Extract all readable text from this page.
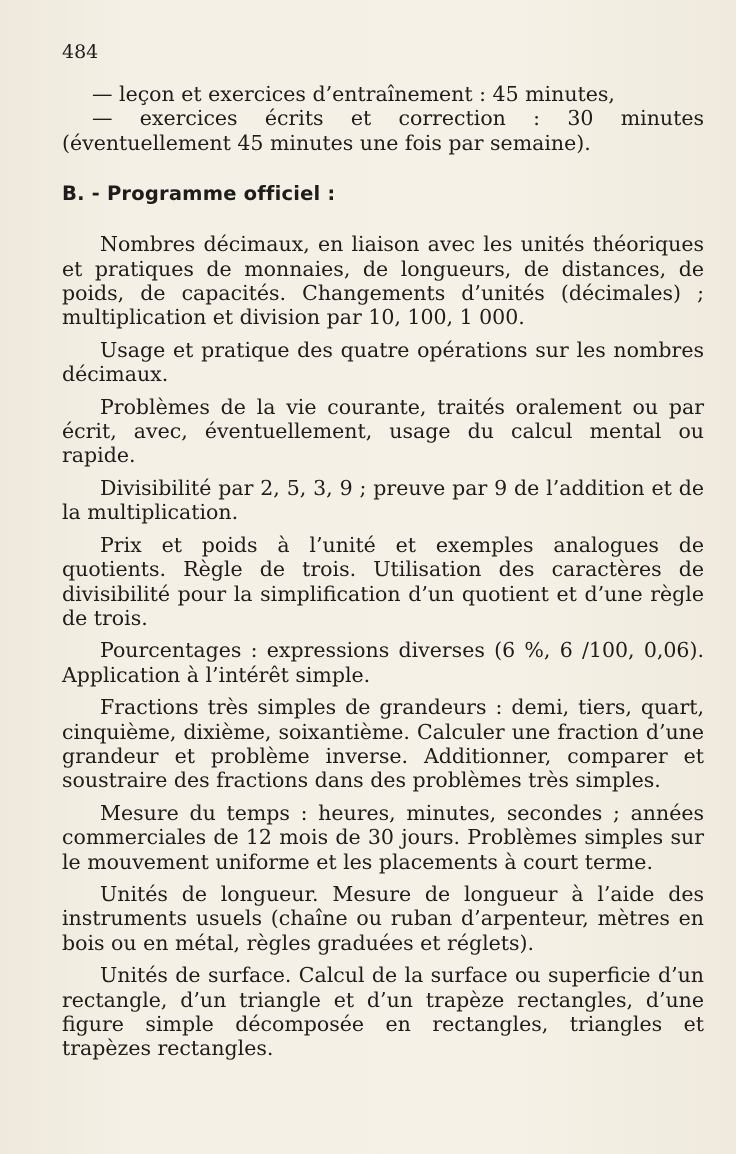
484

— leçon et exercices d’entraînement : 45 minutes,

— exercices écrits et correction : 30 minutes (éventuellement 45 minutes une fois par semaine).

B. - Programme officiel :

Nombres décimaux, en liaison avec les unités théoriques et pratiques de monnaies, de longueurs, de distances, de poids, de capacités. Changements d’unités (décimales) ; multiplication et division par 10, 100, 1 000.

Usage et pratique des quatre opérations sur les nombres décimaux.

Problèmes de la vie courante, traités oralement ou par écrit, avec, éventuellement, usage du calcul mental ou rapide.

Divisibilité par 2, 5, 3, 9 ; preuve par 9 de l’addition et de la multiplication.

Prix et poids à l’unité et exemples analogues de quotients. Règle de trois. Utilisation des caractères de divisibilité pour la simplification d’un quotient et d’une règle de trois.

Pourcentages : expressions diverses (6 %, 6 /100, 0,06). Application à l’intérêt simple.

Fractions très simples de grandeurs : demi, tiers, quart, cinquième, dixième, soixantième. Calculer une fraction d’une grandeur et problème inverse. Additionner, comparer et soustraire des fractions dans des problèmes très simples.

Mesure du temps : heures, minutes, secondes ; années commerciales de 12 mois de 30 jours. Problèmes simples sur le mouvement uniforme et les placements à court terme.

Unités de longueur. Mesure de longueur à l’aide des instruments usuels (chaîne ou ruban d’arpenteur, mètres en bois ou en métal, règles graduées et réglets).

Unités de surface. Calcul de la surface ou superficie d’un rectangle, d’un triangle et d’un trapèze rectangles, d’une figure simple décomposée en rectangles, triangles et trapèzes rectangles.
